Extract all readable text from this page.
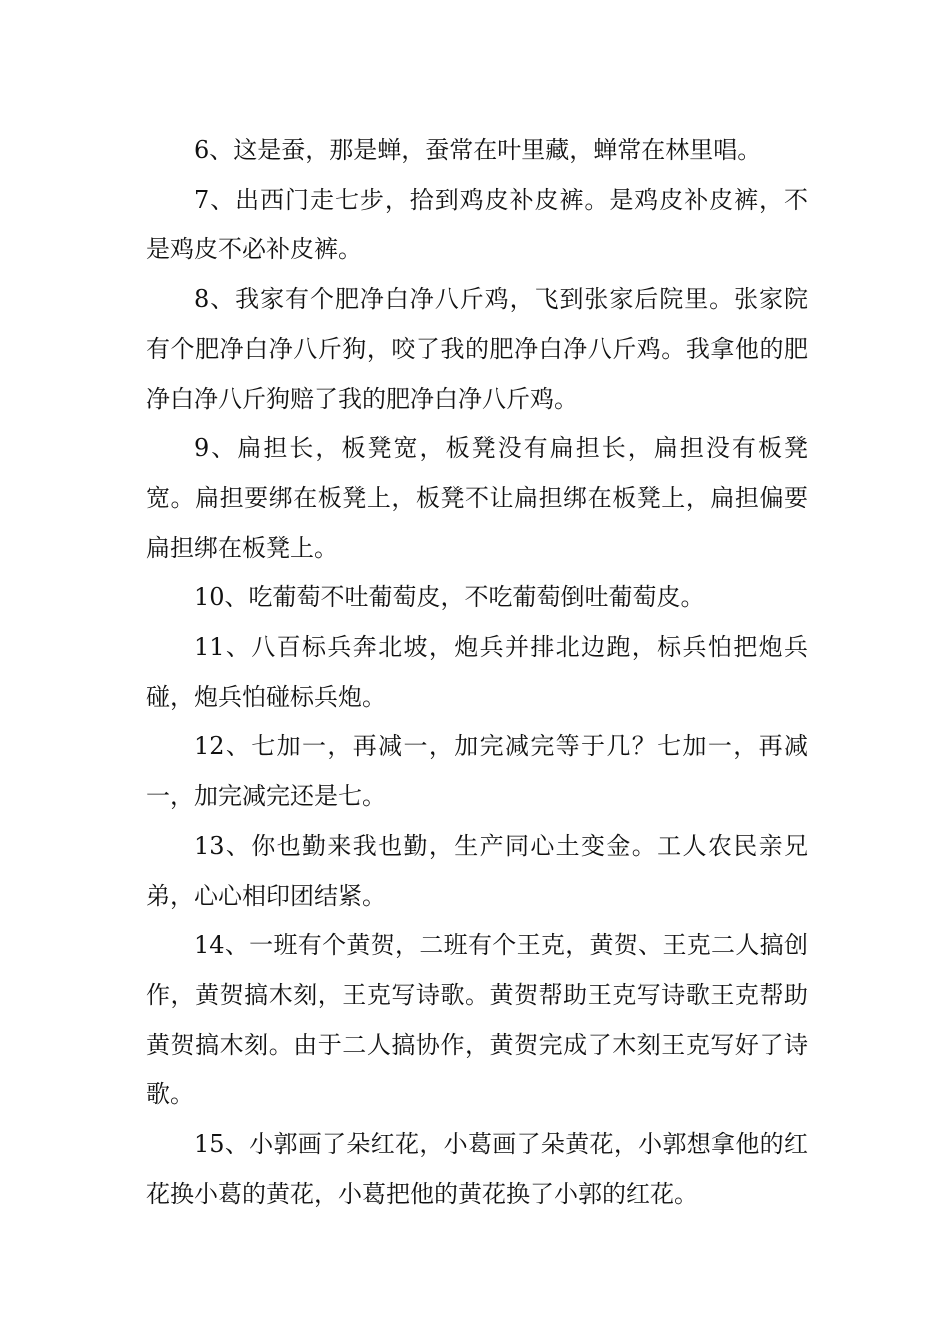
6、这是蚕，那是蝉，蚕常在叶里藏，蝉常在林里唱。

7、出西门走七步，拾到鸡皮补皮裤。是鸡皮补皮裤，不是鸡皮不必补皮裤。

8、我家有个肥净白净八斤鸡，飞到张家后院里。张家院有个肥净白净八斤狗，咬了我的肥净白净八斤鸡。我拿他的肥净白净八斤狗赔了我的肥净白净八斤鸡。

9、扁担长，板凳宽，板凳没有扁担长，扁担没有板凳宽。扁担要绑在板凳上，板凳不让扁担绑在板凳上，扁担偏要扁担绑在板凳上。

10、吃葡萄不吐葡萄皮，不吃葡萄倒吐葡萄皮。

11、八百标兵奔北坡，炮兵并排北边跑，标兵怕把炮兵碰，炮兵怕碰标兵炮。

12、七加一，再减一，加完减完等于几？七加一，再减一，加完减完还是七。

13、你也勤来我也勤，生产同心土变金。工人农民亲兄弟，心心相印团结紧。

14、一班有个黄贺，二班有个王克，黄贺、王克二人搞创作，黄贺搞木刻，王克写诗歌。黄贺帮助王克写诗歌王克帮助黄贺搞木刻。由于二人搞协作，黄贺完成了木刻王克写好了诗歌。

15、小郭画了朵红花，小葛画了朵黄花，小郭想拿他的红花换小葛的黄花，小葛把他的黄花换了小郭的红花。
